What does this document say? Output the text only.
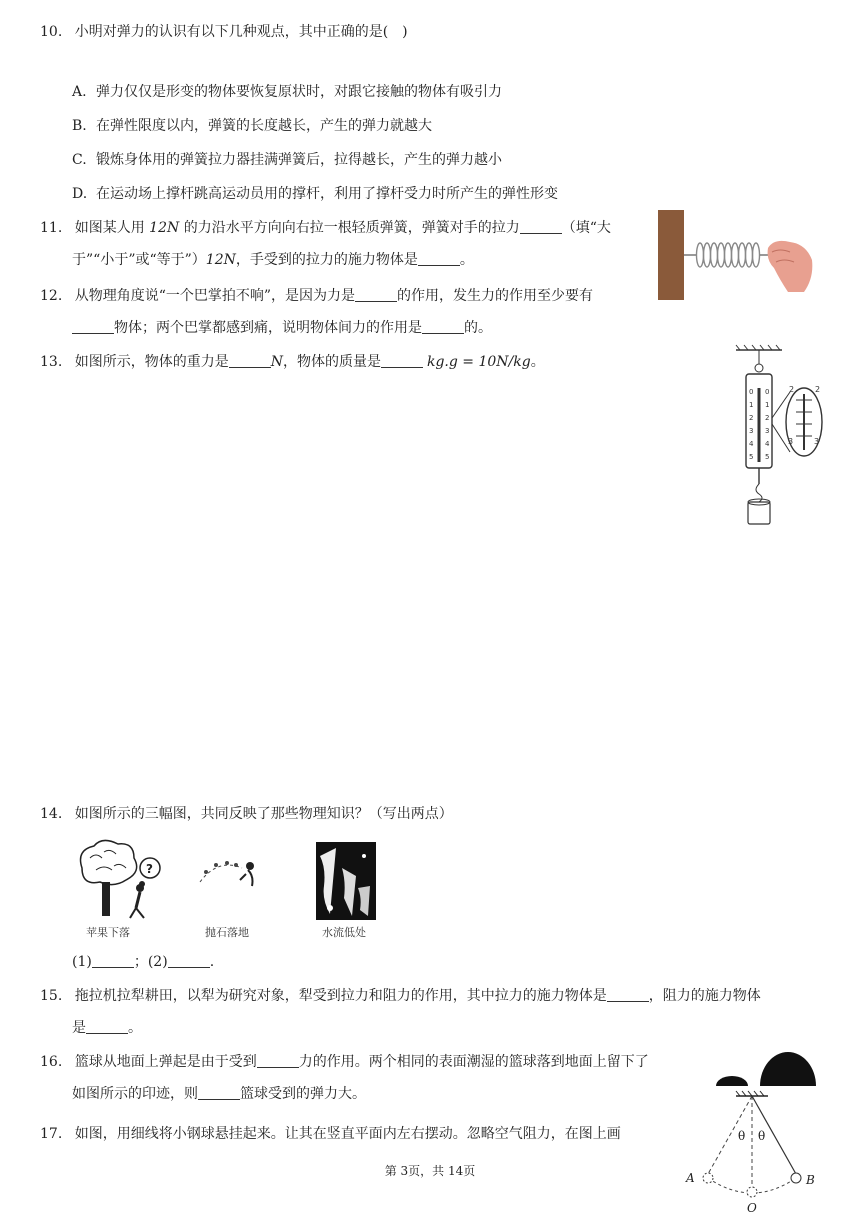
10. 小明对弹力的认识有以下几种观点，其中正确的是(　)
A. 弹力仅仅是形变的物体要恢复原状时，对跟它接触的物体有吸引力
B. 在弹性限度以内，弹簧的长度越长，产生的弹力就越大
C. 锻炼身体用的弹簧拉力器挂满弹簧后，拉得越长，产生的弹力越小
D. 在运动场上撑杆跳高运动员用的撑杆，利用了撑杆受力时所产生的弹性形变
11. 如图某人用 12N 的力沿水平方向向右拉一根轻质弹簧，弹簧对手的拉力	（填“大
于”“小于”或“等于”）12N，手受到的拉力的施力物体是	。
12. 从物理角度说“一个巴掌拍不响”，是因为力是	的作用，发生力的作用至少要有
物体；两个巴掌都感到痛，说明物体间力的作用是	的。
13. 如图所示，物体的重力是	N，物体的质量是	kg.g = 10N/kg。
0
1
2
3
4
5
0
1
2
3
4
5
2	2
3	3
14. 如图所示的三幅图，共同反映了那些物理知识？（写出两点）
?
苹果下落	抛石落地	水流低处
(1)	；(2)	.
15. 拖拉机拉犁耕田，以犁为研究对象，犁受到拉力和阻力的作用，其中拉力的施力物体是	，阻力的施力物体
是	。
16. 篮球从地面上弹起是由于受到	力的作用。两个相同的表面潮湿的篮球落到地面上留下了
如图所示的印迹，则	篮球受到的弹力大。
17. 如图，用细线将小钢球悬挂起来。让其在竖直平面内左右摆动。忽略空气阻力，在图上画
A	B
O
θ θ
第 3页，共 14页
